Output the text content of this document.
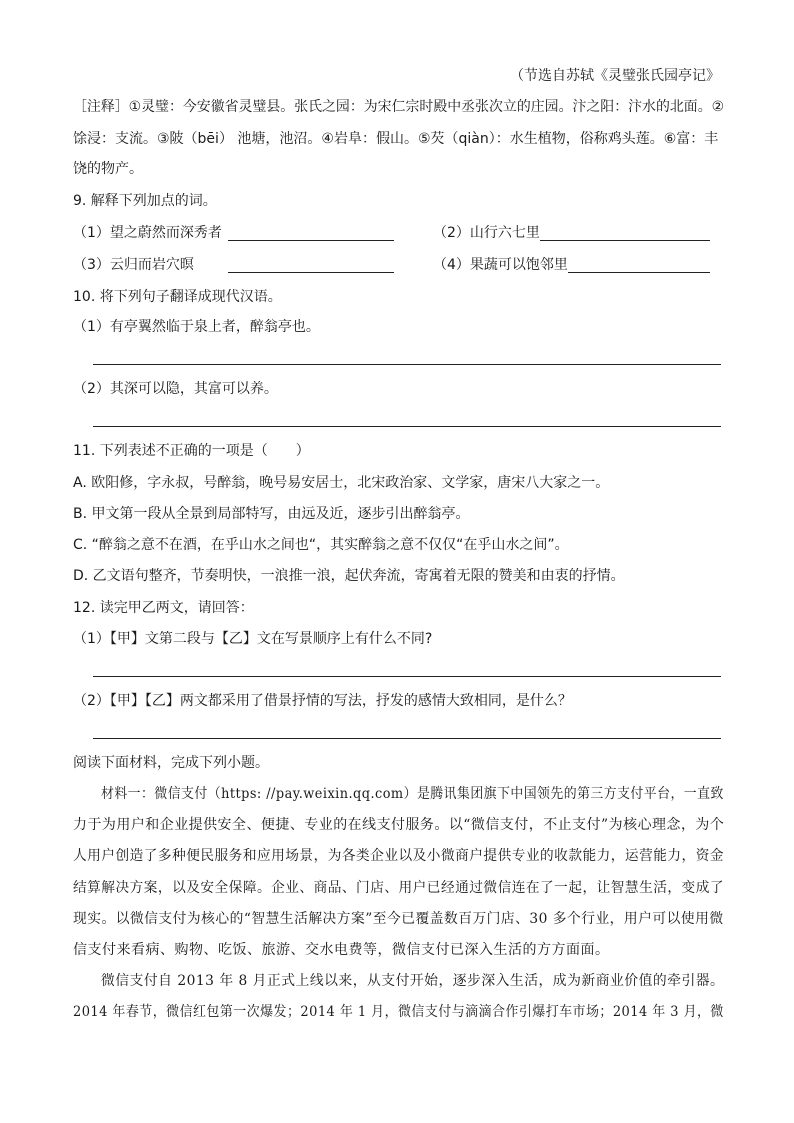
（节选自苏轼《灵璧张氏园亭记》
［注释］①灵璧：今安徽省灵璧县。张氏之园：为宋仁宗时殿中丞张次立的庄园。汴之阳：汴水的北面。②
馀浸：支流。③陂（bēi） 池塘，池沼。④岩阜：假山。⑤芡（qiàn）：水生植物，俗称鸡头莲。⑥富：丰
饶的物产。
9. 解释下列加点的词。
（1）望之蔚然而深秀者	（2）山行六七里
（3）云归而岩穴暝	（4）果蔬可以饱邻里
10. 将下列句子翻译成现代汉语。
（1）有亭翼然临于泉上者，醉翁亭也。
（2）其深可以隐，其富可以养。
11. 下列表述不正确的一项是（　　）
A. 欧阳修，字永叔，号醉翁，晚号易安居士，北宋政治家、文学家，唐宋八大家之一。
B. 甲文第一段从全景到局部特写，由远及近，逐步引出醉翁亭。
C. “醉翁之意不在酒，在乎山水之间也“，其实醉翁之意不仅仅“在乎山水之间”。
D. 乙文语句整齐，节奏明快，一浪推一浪，起伏奔流，寄寓着无限的赞美和由衷的抒情。
12. 读完甲乙两文，请回答：
（1）【甲】文第二段与【乙】文在写景顺序上有什么不同?
（2）【甲】【乙】两文都采用了借景抒情的写法，抒发的感情大致相同，是什么？
阅读下面材料，完成下列小题。
材料一：微信支付（https: //pay.weixin.qq.com）是腾讯集团旗下中国领先的第三方支付平台，一直致
力于为用户和企业提供安全、便捷、专业的在线支付服务。以“微信支付，不止支付”为核心理念，为个
人用户创造了多种便民服务和应用场景，为各类企业以及小微商户提供专业的收款能力，运营能力，资金
结算解决方案，以及安全保障。企业、商品、门店、用户已经通过微信连在了一起，让智慧生活，变成了
现实。以微信支付为核心的“智慧生活解决方案”至今已覆盖数百万门店、30 多个行业，用户可以使用微
信支付来看病、购物、吃饭、旅游、交水电费等，微信支付已深入生活的方方面面。
微信支付自 2013 年 8 月正式上线以来，从支付开始，逐步深入生活，成为新商业价值的牵引器。
2014 年春节，微信红包第一次爆发；2014 年 1 月，微信支付与滴滴合作引爆打车市场；2014 年 3 月，微
